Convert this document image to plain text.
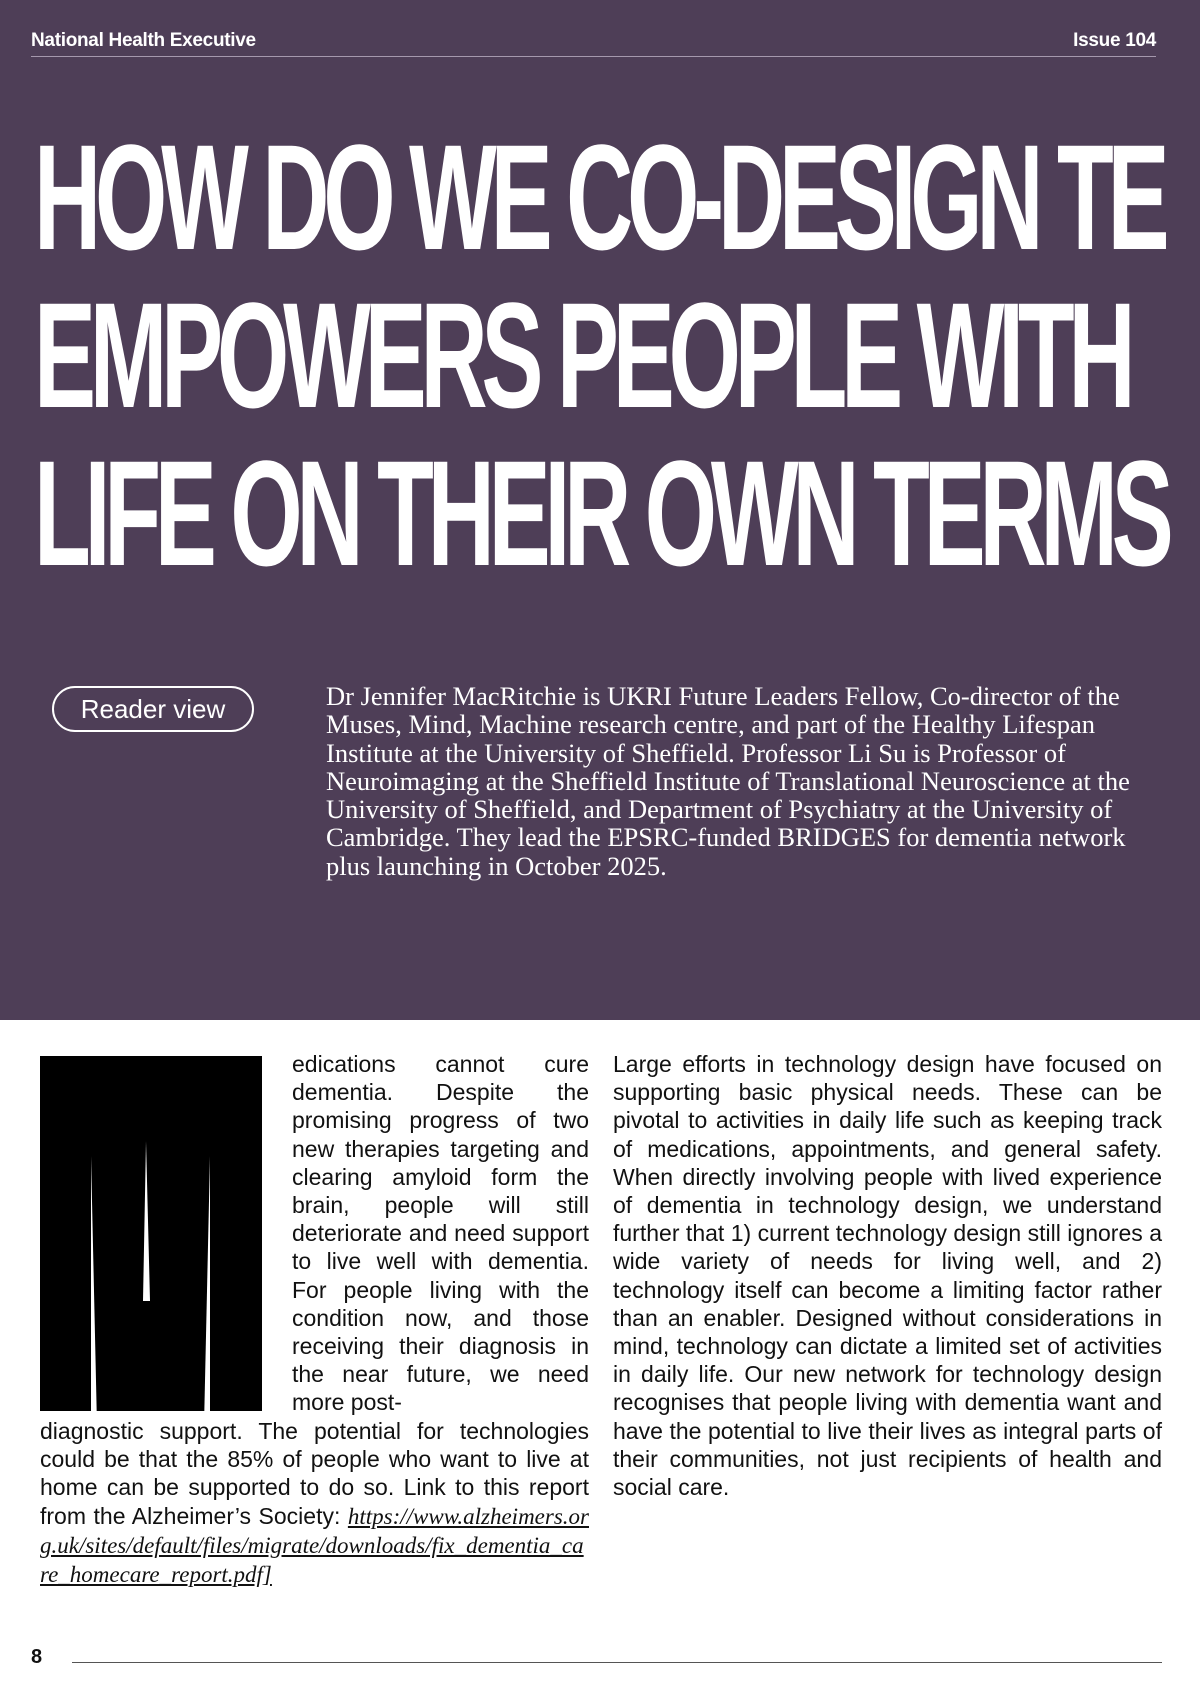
National Health Executive	Issue 104
HOW DO WE CO-DESIGN TE
EMPOWERS PEOPLE WITH
LIFE ON THEIR OWN TERMS
Reader view	Dr Jennifer MacRitchie is UKRI Future Leaders Fellow, Co-director of the Muses, Mind, Machine research centre, and part of the Healthy Lifespan Institute at the University of Sheffield. Professor Li Su is Professor of Neuroimaging at the Sheffield Institute of Translational Neuroscience at the University of Sheffield, and Department of Psychiatry at the University of Cambridge. They lead the EPSRC-funded BRIDGES for dementia network plus launching in October 2025.
edications cannot cure dementia. Despite the promising progress of two new therapies targeting and clearing amyloid form the brain, people will still deteriorate and need support to live well with dementia. For people living with the condition now, and those receiving their diagnosis in the near future, we need more post-
diagnostic support. The potential for technologies could be that the 85% of people who want to live at home can be supported to do so. Link to this report from the Alzheimer’s Society: https://www.alzheimers.org.uk/sites/default/files/migrate/downloads/fix_dementia_care_homecare_report.pdf]
Large efforts in technology design have focused on supporting basic physical needs. These can be pivotal to activities in daily life such as keeping track of medications, appointments, and general safety. When directly involving people with lived experience of dementia in technology design, we understand further that 1) current technology design still ignores a wide variety of needs for living well, and 2) technology itself can become a limiting factor rather than an enabler. Designed without considerations in mind, technology can dictate a limited set of activities in daily life. Our new network for technology design recognises that people living with dementia want and have the potential to live their lives as integral parts of their communities, not just recipients of health and social care.
8
